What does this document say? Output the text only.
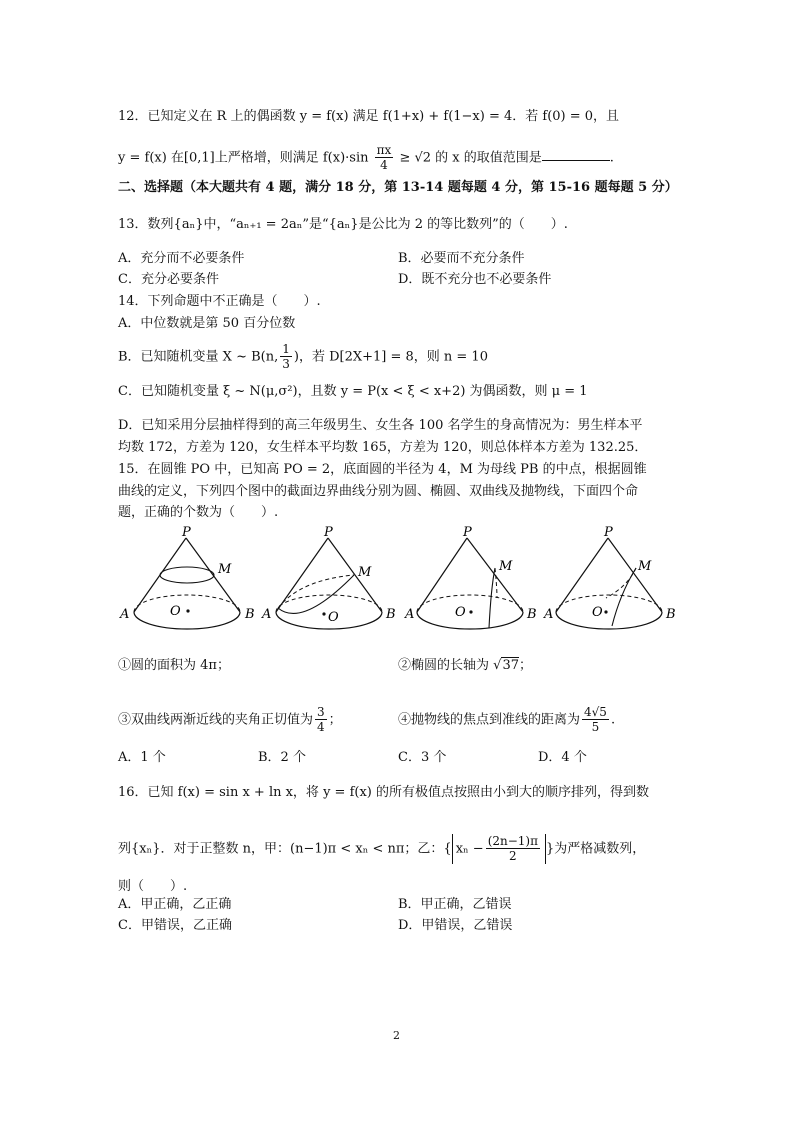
12．已知定义在 R 上的偶函数 y = f(x) 满足 f(1+x) + f(1−x) = 4．若 f(0) = 0，且
y = f(x) 在[0,1]上严格增，则满足 $f(x)\cdot\sin \frac{\pi x}{4} \ge √2$ 的 x 的取值范围是	.
二、选择题（本大题共有 4 题，满分 18 分，第 13-14 题每题 4 分，第 15-16 题每题 5 分）
13．数列{aₙ}中，“aₙ₊₁ = 2aₙ”是“{aₙ}是公比为 2 的等比数列”的（　　）.
A．充分而不必要条件	B．必要而不充分条件
C．充分必要条件	D．既不充分也不必要条件
14．下列命题中不正确是（　　）.
A．中位数就是第 50 百分位数
B．已知随机变量 X ~ B(n, $\frac{1}{3}$ )，若 D[2X+1] = 8，则 n = 10
C．已知随机变量 ξ ~ N(μ,σ²)，且数 y = P(x < ξ < x+2) 为偶函数，则 μ = 1
D．已知采用分层抽样得到的高三年级男生、女生各 100 名学生的身高情况为：男生样本平
均数 172，方差为 120，女生样本平均数 165，方差为 120，则总体样本方差为 132.25．
15．在圆锥 PO 中，已知高 PO = 2，底面圆的半径为 4，M 为母线 PB 的中点，根据圆锥
曲线的定义，下列四个图中的截面边界曲线分别为圆、椭圆、双曲线及抛物线，下面四个命
题，正确的个数为（　　）.
P
M
A	B
O
P
M
A	B
O
P
M
A	B
O
P
M
A	B
O
①圆的面积为 4π；	②椭圆的长轴为 √37；
③双曲线两渐近线的夹角正切值为 $\frac{3}{4}$ ；	④抛物线的焦点到准线的距离为 $\frac{4√5}{5}$ .
A．1 个	B．2 个	C．3 个	D．4 个
16．已知 f(x) = sin x + ln x，将 y = f(x) 的所有极值点按照由小到大的顺序排列，得到数
列{xₙ}．对于正整数 n，甲：(n−1)π < xₙ < nπ；乙：{ $x_n - \frac{(2n-1)\pi}{2}$ }为严格减数列，
则（　　）.
A．甲正确，乙正确	B．甲正确，乙错误
C．甲错误，乙正确	D．甲错误，乙错误
2
